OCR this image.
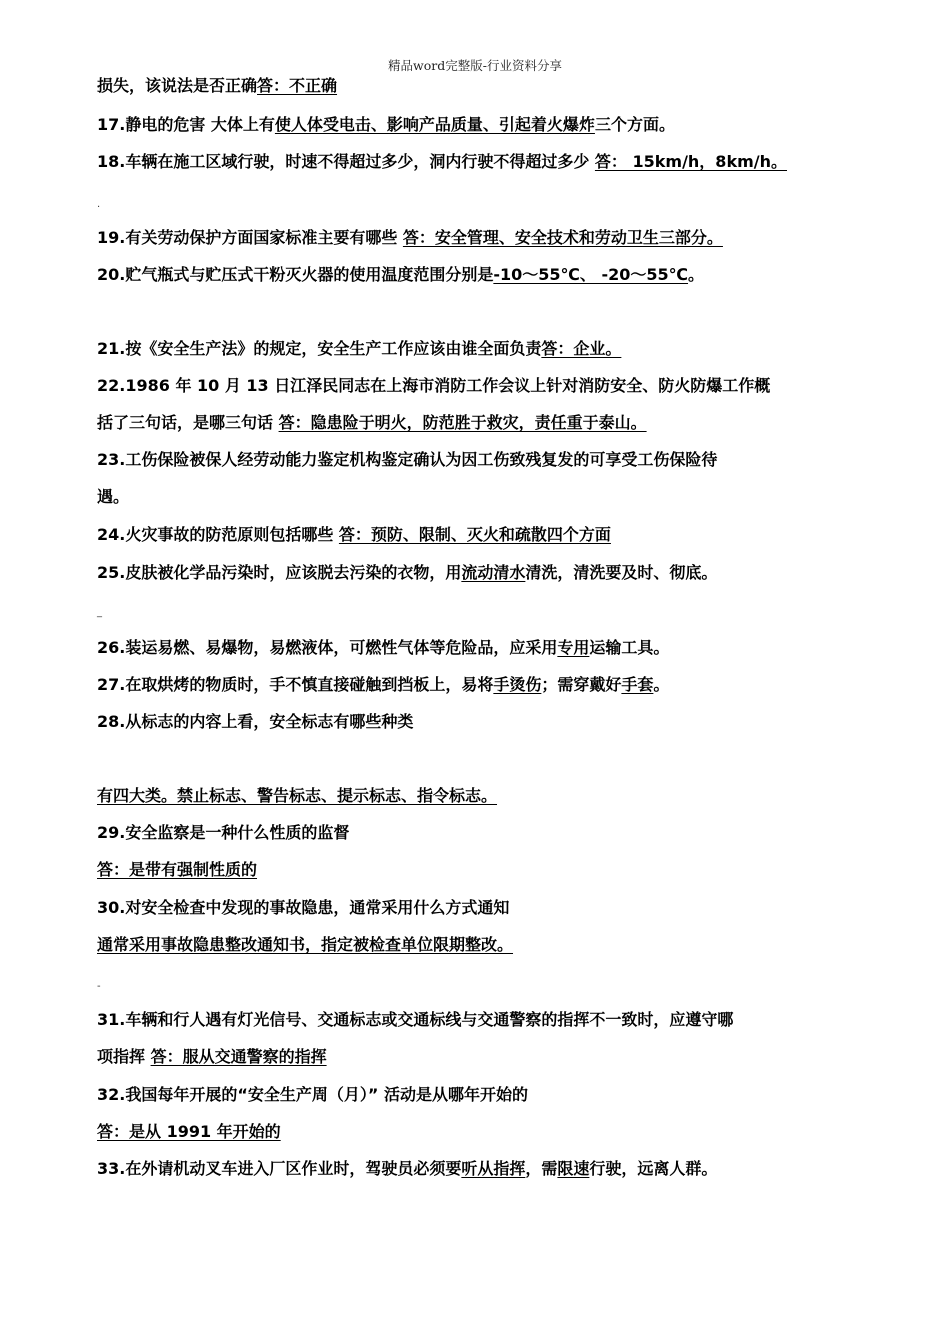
精品word完整版-行业资料分享
损失，该说法是否正确答：不正确
17.静电的危害 大体上有使人体受电击、影响产品质量、引起着火爆炸三个方面。
18.车辆在施工区域行驶，时速不得超过多少，洞内行驶不得超过多少 答： 15km/h，8km/h。
.
19.有关劳动保护方面国家标准主要有哪些 答：安全管理、安全技术和劳动卫生三部分。
20.贮气瓶式与贮压式干粉灭火器的使用温度范围分别是-10～55℃、 -20～55℃。
21.按《安全生产法》的规定，安全生产工作应该由谁全面负责答：企业。
22.1986 年 10 月 13 日江泽民同志在上海市消防工作会议上针对消防安全、防火防爆工作概
括了三句话，是哪三句话 答：隐患险于明火，防范胜于救灾，责任重于泰山。
23.工伤保险被保人经劳动能力鉴定机构鉴定确认为因工伤致残复发的可享受工伤保险待
遇。
24.火灾事故的防范原则包括哪些 答：预防、限制、灭火和疏散四个方面
25.皮肤被化学品污染时，应该脱去污染的衣物，用流动清水清洗，清洗要及时、彻底。
_
26.装运易燃、易爆物，易燃液体，可燃性气体等危险品，应采用专用运输工具。
27.在取烘烤的物质时，手不慎直接碰触到挡板上，易将手烫伤；需穿戴好手套。
28.从标志的内容上看，安全标志有哪些种类
有四大类。禁止标志、警告标志、提示标志、指令标志。
29.安全监察是一种什么性质的监督
答：是带有强制性质的
30.对安全检查中发现的事故隐患，通常采用什么方式通知
通常采用事故隐患整改通知书，指定被检查单位限期整改。
-
31.车辆和行人遇有灯光信号、交通标志或交通标线与交通警察的指挥不一致时，应遵守哪
项指挥 答：服从交通警察的指挥
32.我国每年开展的“安全生产周（月）” 活动是从哪年开始的
答：是从 1991 年开始的
33.在外请机动叉车进入厂区作业时，驾驶员必须要听从指挥，需限速行驶，远离人群。
